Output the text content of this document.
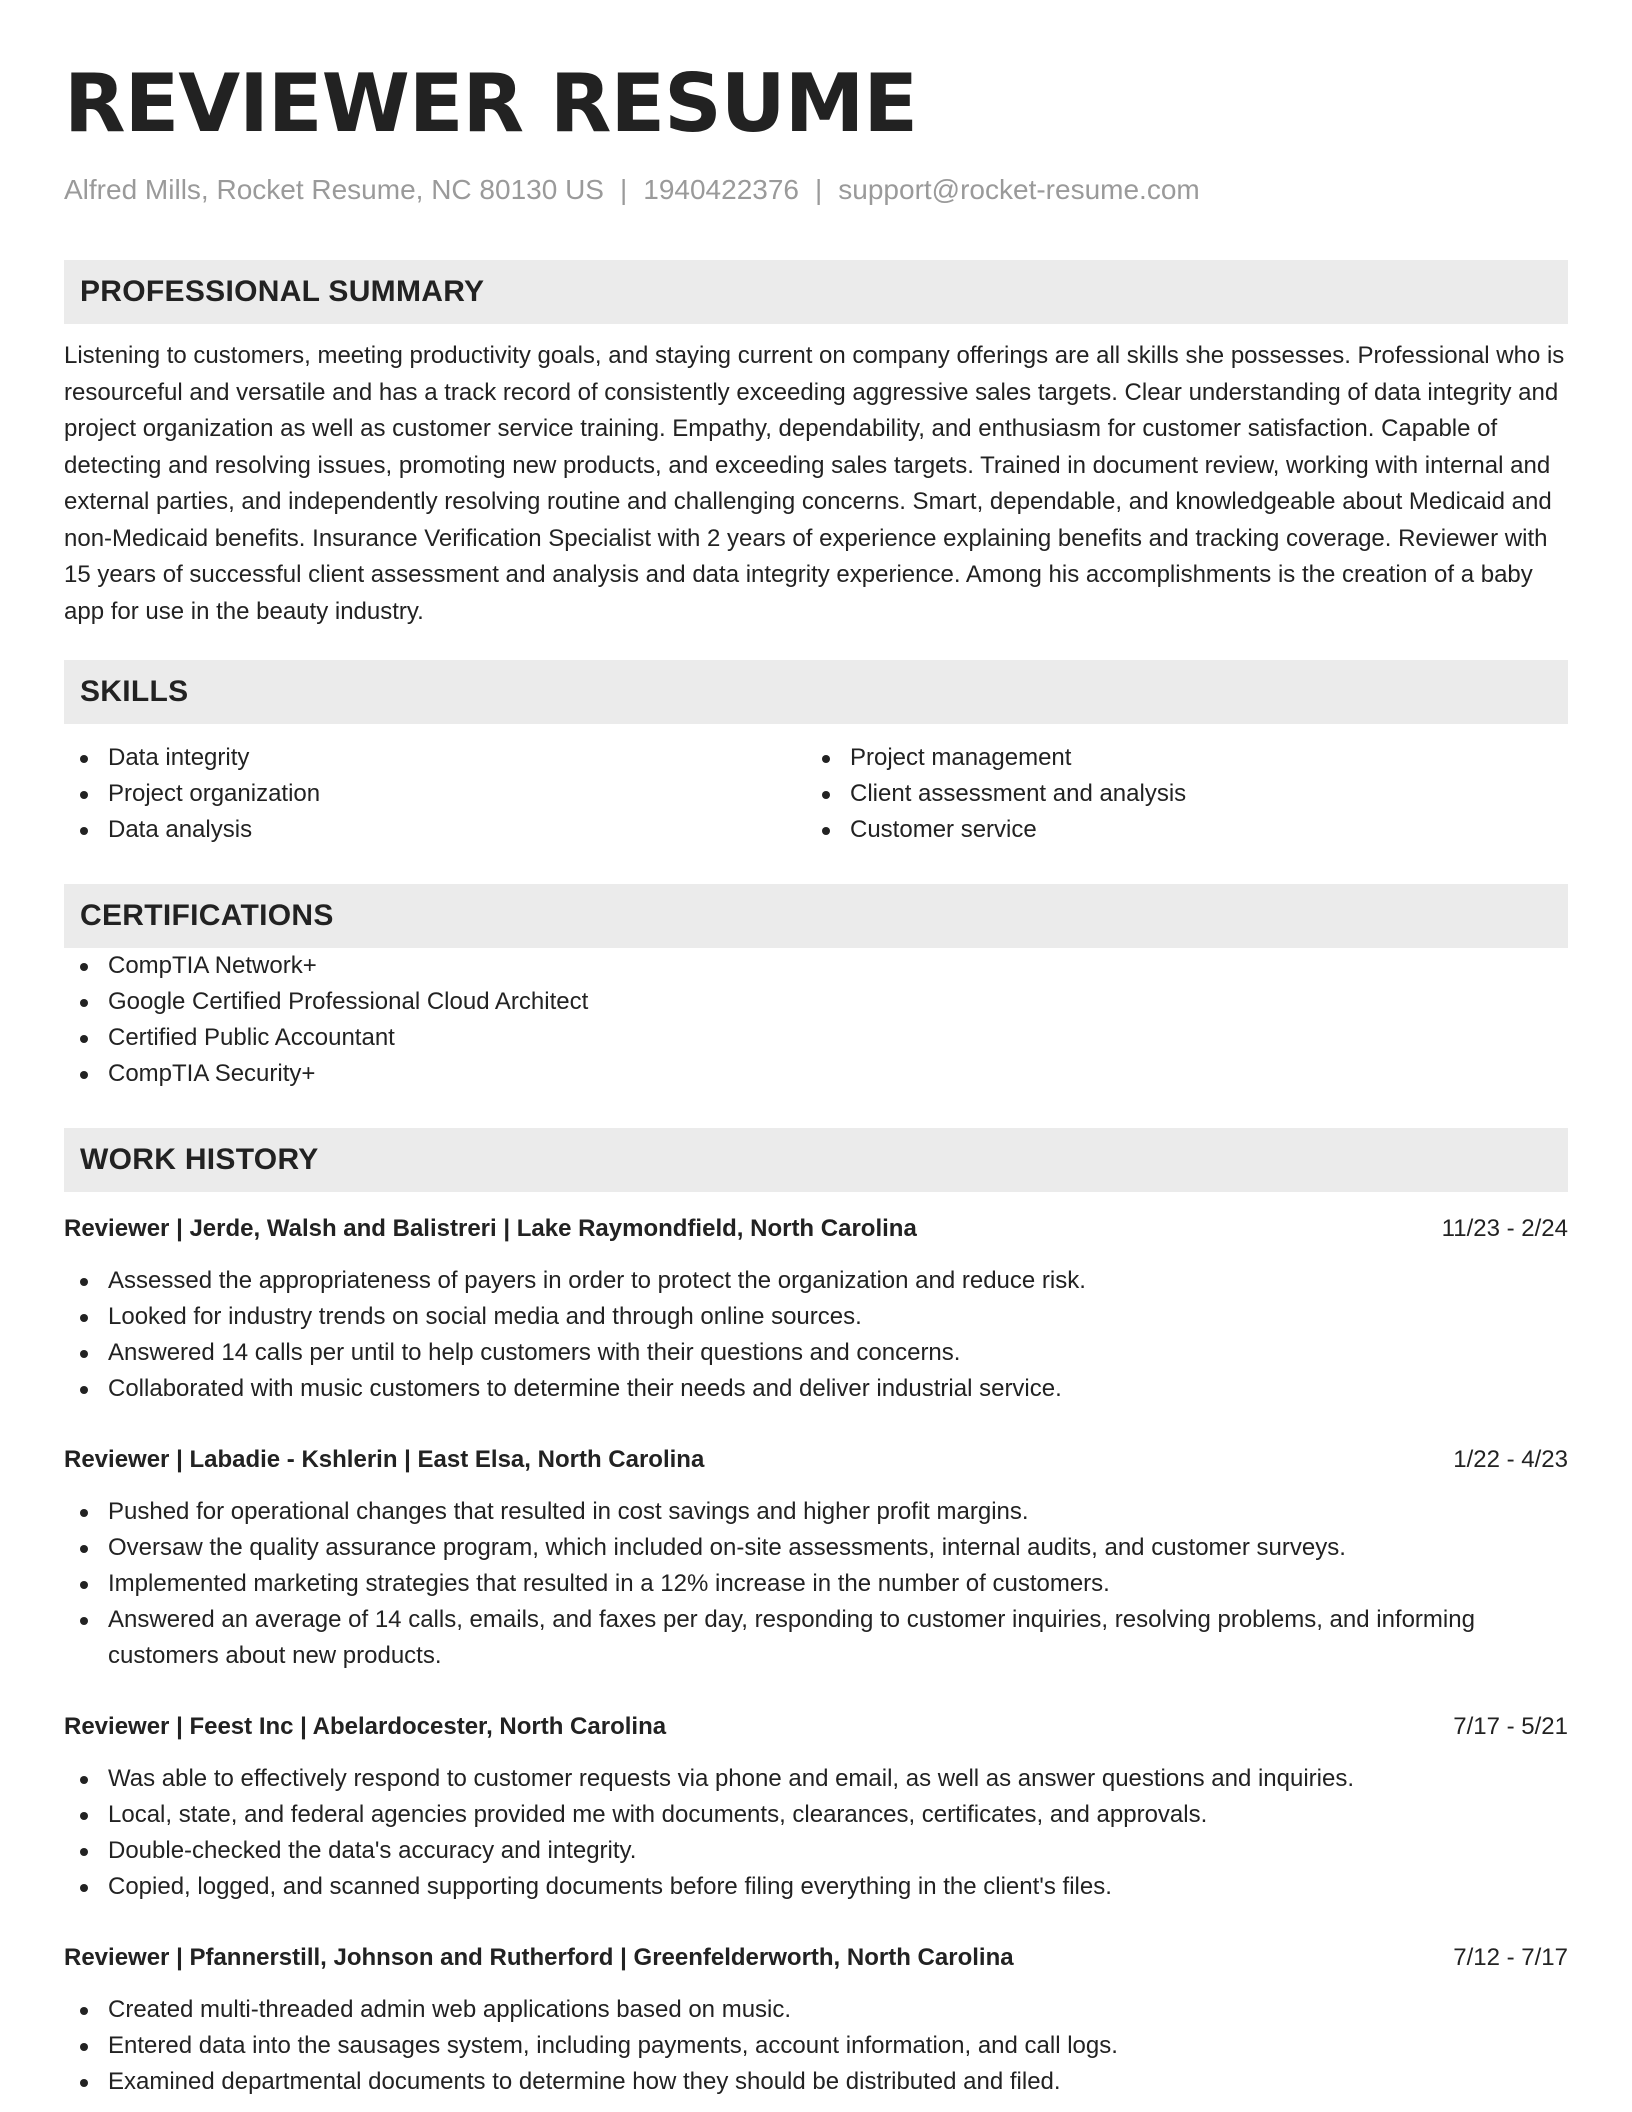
REVIEWER RESUME
Alfred Mills, Rocket Resume, NC 80130 US | 1940422376 | support@rocket-resume.com
PROFESSIONAL SUMMARY

Listening to customers, meeting productivity goals, and staying current on company offerings are all skills she possesses. Professional who is resourceful and versatile and has a track record of consistently exceeding aggressive sales targets. Clear understanding of data integrity and project organization as well as customer service training. Empathy, dependability, and enthusiasm for customer satisfaction. Capable of detecting and resolving issues, promoting new products, and exceeding sales targets. Trained in document review, working with internal and external parties, and independently resolving routine and challenging concerns. Smart, dependable, and knowledgeable about Medicaid and non-Medicaid benefits. Insurance Verification Specialist with 2 years of experience explaining benefits and tracking coverage. Reviewer with 15 years of successful client assessment and analysis and data integrity experience. Among his accomplishments is the creation of a baby app for use in the beauty industry.

SKILLS
Data integrity
Project organization
Data analysis
Project management
Client assessment and analysis
Customer service
CERTIFICATIONS
CompTIA Network+
Google Certified Professional Cloud Architect
Certified Public Accountant
CompTIA Security+
WORK HISTORY
Reviewer | Jerde, Walsh and Balistreri | Lake Raymondfield, North Carolina	11/23 - 2/24
Assessed the appropriateness of payers in order to protect the organization and reduce risk.
Looked for industry trends on social media and through online sources.
Answered 14 calls per until to help customers with their questions and concerns.
Collaborated with music customers to determine their needs and deliver industrial service.
Reviewer | Labadie - Kshlerin | East Elsa, North Carolina	1/22 - 4/23
Pushed for operational changes that resulted in cost savings and higher profit margins.
Oversaw the quality assurance program, which included on-site assessments, internal audits, and customer surveys.
Implemented marketing strategies that resulted in a 12% increase in the number of customers.
Answered an average of 14 calls, emails, and faxes per day, responding to customer inquiries, resolving problems, and informing customers about new products.
Reviewer | Feest Inc | Abelardocester, North Carolina	7/17 - 5/21
Was able to effectively respond to customer requests via phone and email, as well as answer questions and inquiries.
Local, state, and federal agencies provided me with documents, clearances, certificates, and approvals.
Double-checked the data's accuracy and integrity.
Copied, logged, and scanned supporting documents before filing everything in the client's files.
Reviewer | Pfannerstill, Johnson and Rutherford | Greenfelderworth, North Carolina	7/12 - 7/17
Created multi-threaded admin web applications based on music.
Entered data into the sausages system, including payments, account information, and call logs.
Examined departmental documents to determine how they should be distributed and filed.
